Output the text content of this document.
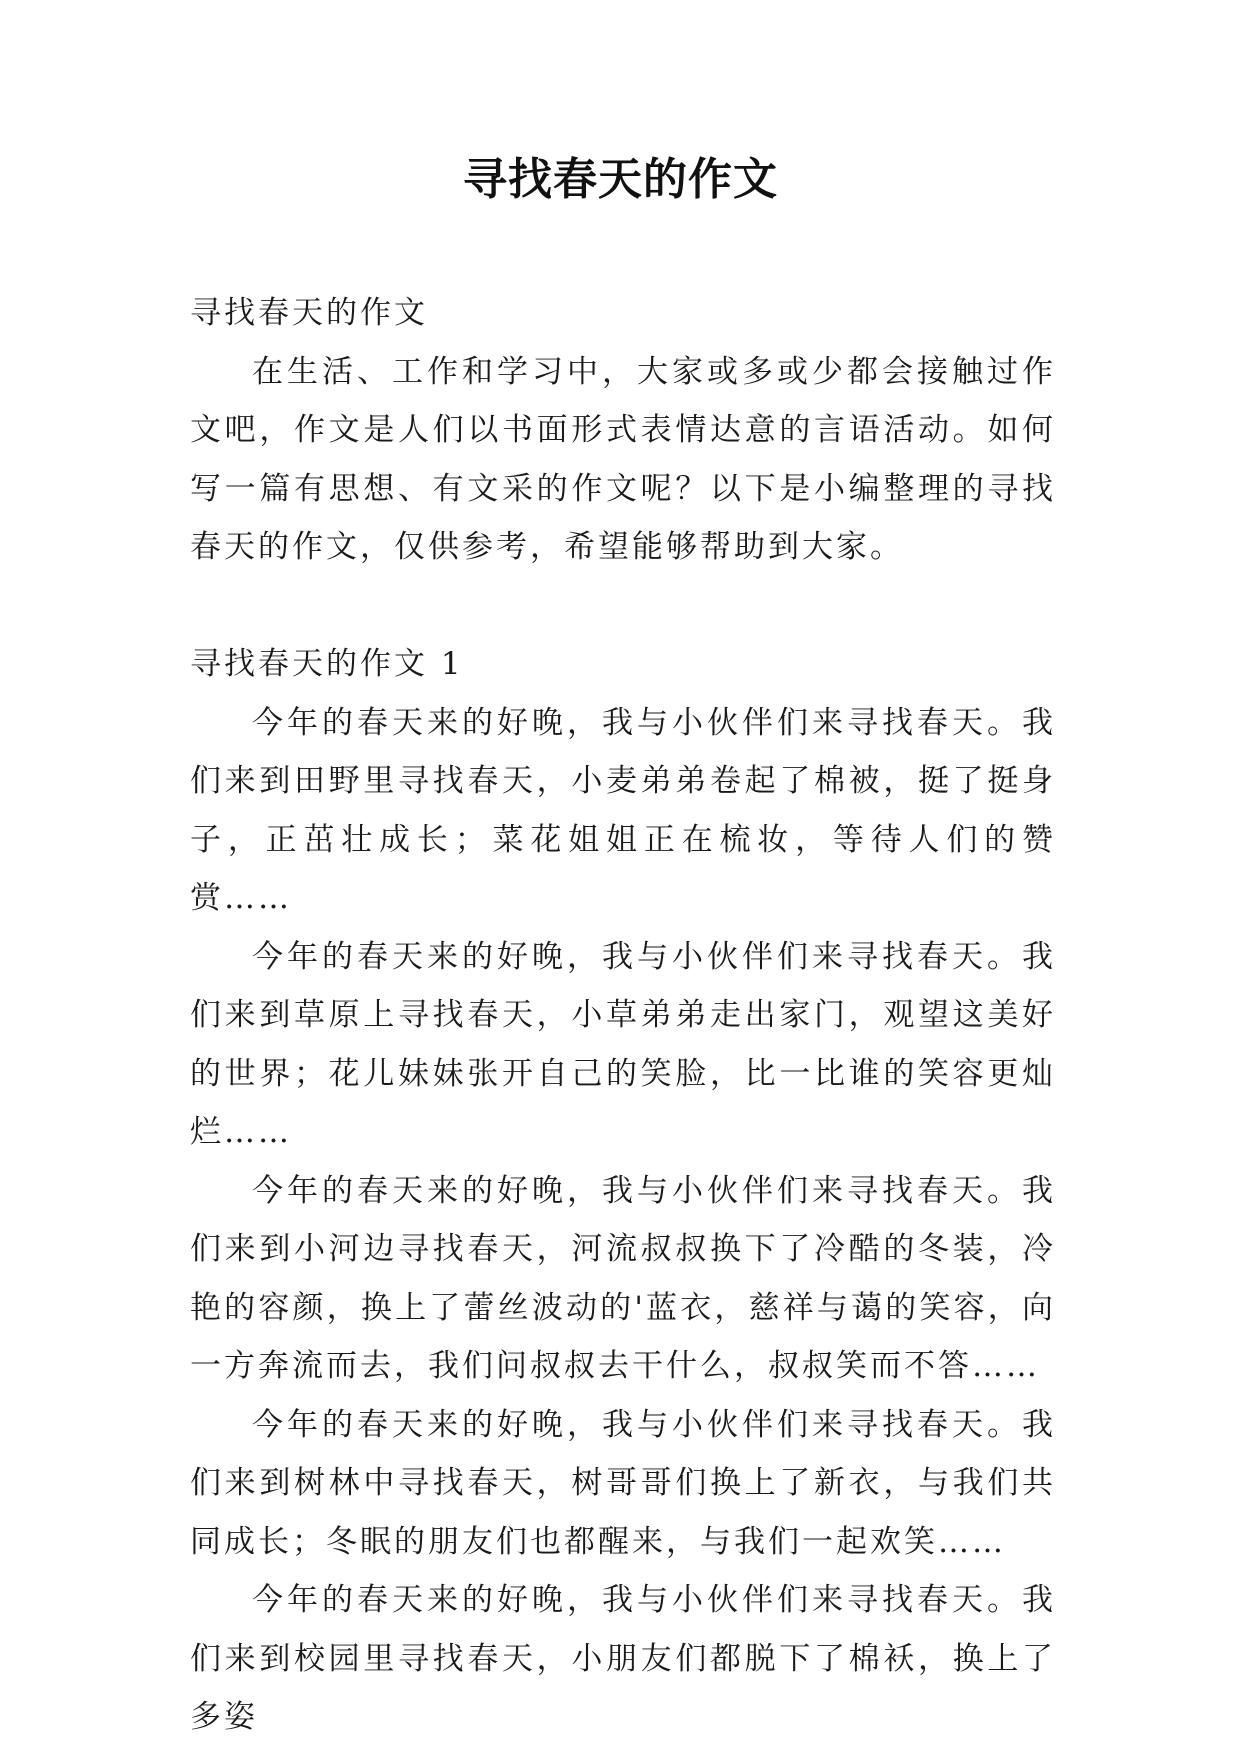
寻找春天的作文

寻找春天的作文

在生活、工作和学习中，大家或多或少都会接触过作文吧，作文是人们以书面形式表情达意的言语活动。如何写一篇有思想、有文采的作文呢？以下是小编整理的寻找春天的作文，仅供参考，希望能够帮助到大家。

寻找春天的作文 1

今年的春天来的好晚，我与小伙伴们来寻找春天。我们来到田野里寻找春天，小麦弟弟卷起了棉被，挺了挺身子，正茁壮成长；菜花姐姐正在梳妆，等待人们的赞赏……

今年的春天来的好晚，我与小伙伴们来寻找春天。我们来到草原上寻找春天，小草弟弟走出家门，观望这美好的世界；花儿妹妹张开自己的笑脸，比一比谁的笑容更灿烂……

今年的春天来的好晚，我与小伙伴们来寻找春天。我们来到小河边寻找春天，河流叔叔换下了冷酷的冬装，冷艳的容颜，换上了蕾丝波动的'蓝衣，慈祥与蔼的笑容，向一方奔流而去，我们问叔叔去干什么，叔叔笑而不答……

今年的春天来的好晚，我与小伙伴们来寻找春天。我们来到树林中寻找春天，树哥哥们换上了新衣，与我们共同成长；冬眠的朋友们也都醒来，与我们一起欢笑……

今年的春天来的好晚，我与小伙伴们来寻找春天。我们来到校园里寻找春天，小朋友们都脱下了棉袄，换上了多姿
